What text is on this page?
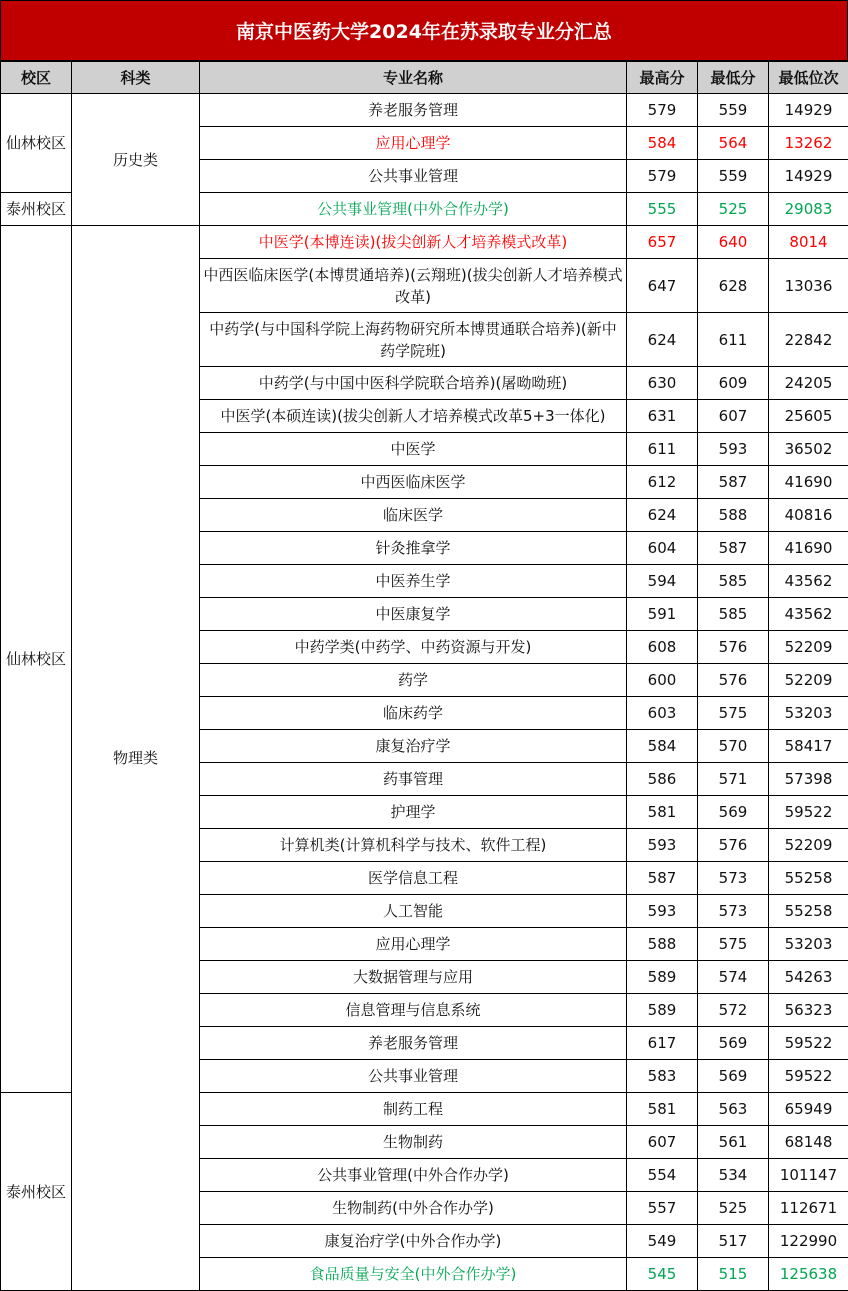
南京中医药大学2024年在苏录取专业分汇总
校区	科类	专业名称	最高分	最低分	最低位次
仙林校区	历史类	养老服务管理	579	559	14929
		应用心理学	584	564	13262
		公共事业管理	579	559	14929
泰州校区		公共事业管理(中外合作办学)	555	525	29083
仙林校区	物理类	中医学(本博连读)(拔尖创新人才培养模式改革)	657	640	8014
		中西医临床医学(本博贯通培养)(云翔班)(拔尖创新人才培养模式改革)	647	628	13036
		中药学(与中国科学院上海药物研究所本博贯通联合培养)(新中药学院班)	624	611	22842
		中药学(与中国中医科学院联合培养)(屠呦呦班)	630	609	24205
		中医学(本硕连读)(拔尖创新人才培养模式改革5+3一体化)	631	607	25605
		中医学	611	593	36502
		中西医临床医学	612	587	41690
		临床医学	624	588	40816
		针灸推拿学	604	587	41690
		中医养生学	594	585	43562
		中医康复学	591	585	43562
		中药学类(中药学、中药资源与开发)	608	576	52209
		药学	600	576	52209
		临床药学	603	575	53203
		康复治疗学	584	570	58417
		药事管理	586	571	57398
		护理学	581	569	59522
		计算机类(计算机科学与技术、软件工程)	593	576	52209
		医学信息工程	587	573	55258
		人工智能	593	573	55258
		应用心理学	588	575	53203
		大数据管理与应用	589	574	54263
		信息管理与信息系统	589	572	56323
		养老服务管理	617	569	59522
		公共事业管理	583	569	59522
泰州校区		制药工程	581	563	65949
		生物制药	607	561	68148
		公共事业管理(中外合作办学)	554	534	101147
		生物制药(中外合作办学)	557	525	112671
		康复治疗学(中外合作办学)	549	517	122990
		食品质量与安全(中外合作办学)	545	515	125638
